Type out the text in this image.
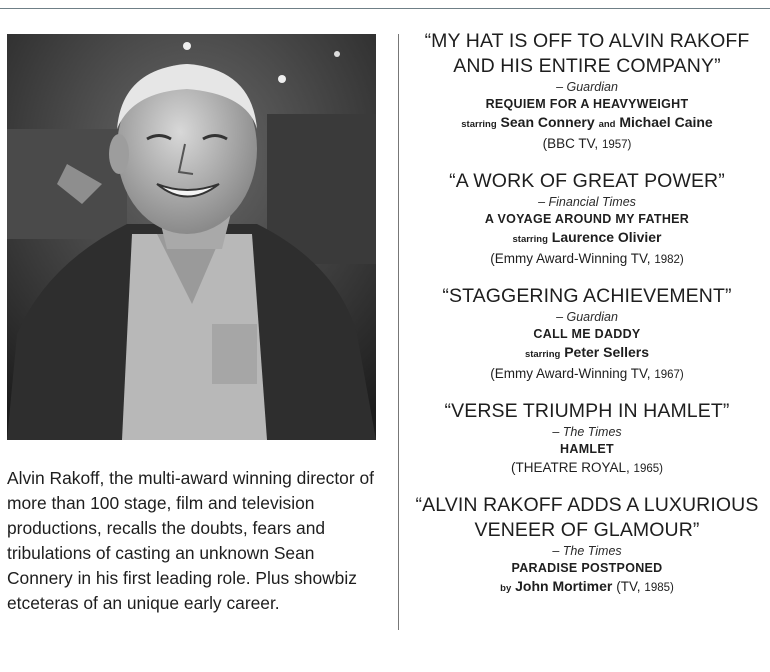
Alvin Rakoff, the multi-award winning director of more than 100 stage, film and television productions, recalls the doubts, fears and tribulations of casting an unknown Sean Connery in his first leading role. Plus showbiz etceteras of an unique early career.

“MY HAT IS OFF TO ALVIN RAKOFF AND HIS ENTIRE COMPANY”
– Guardian
REQUIEM FOR A HEAVYWEIGHT
starring Sean Connery and Michael Caine
(BBC TV, 1957)
“A WORK OF GREAT POWER”
– Financial Times
A VOYAGE AROUND MY FATHER
starring Laurence Olivier
(Emmy Award-Winning TV, 1982)
“STAGGERING ACHIEVEMENT”
– Guardian
CALL ME DADDY
starring Peter Sellers
(Emmy Award-Winning TV, 1967)
“VERSE TRIUMPH IN HAMLET”
– The Times
HAMLET
(THEATRE ROYAL, 1965)
“ALVIN RAKOFF ADDS A LUXURIOUS VENEER OF GLAMOUR”
– The Times
PARADISE POSTPONED
by John Mortimer (TV, 1985)
